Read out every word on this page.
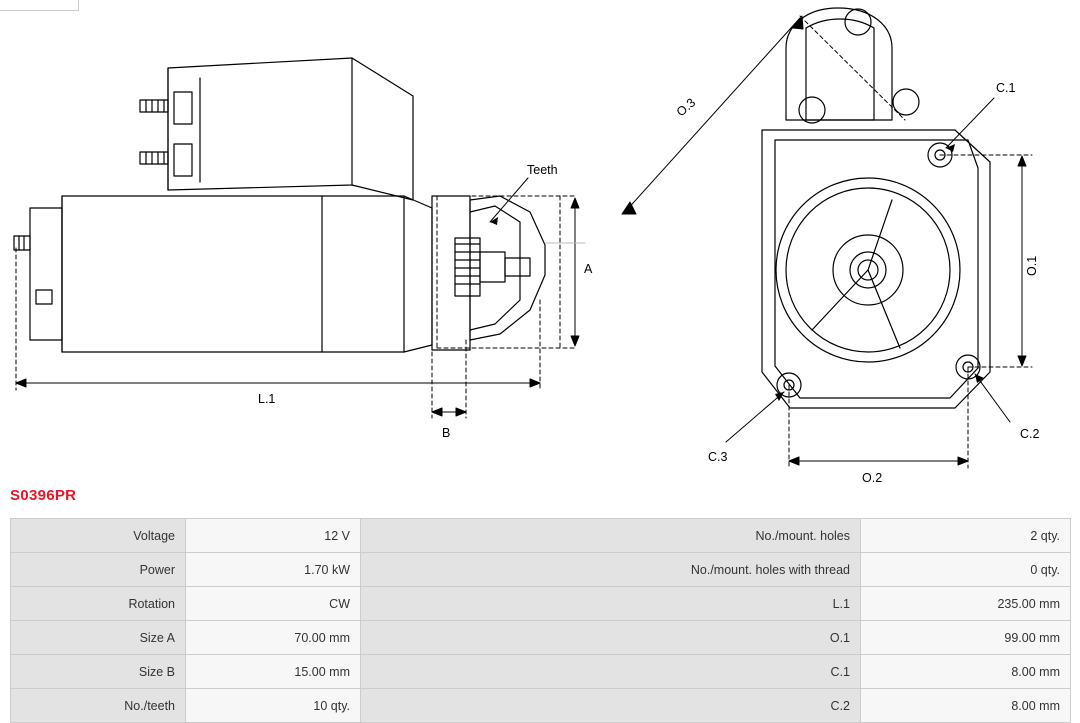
Teeth
L.1
A
B
O.3
O.1
O.2
C.1
C.2
C.3
S0396PR
Voltage	12 V	No./mount. holes	2 qty.
Power	1.70 kW	No./mount. holes with thread	0 qty.
Rotation	CW	L.1	235.00 mm
Size A	70.00 mm	O.1	99.00 mm
Size B	15.00 mm	C.1	8.00 mm
No./teeth	10 qty.	C.2	8.00 mm
